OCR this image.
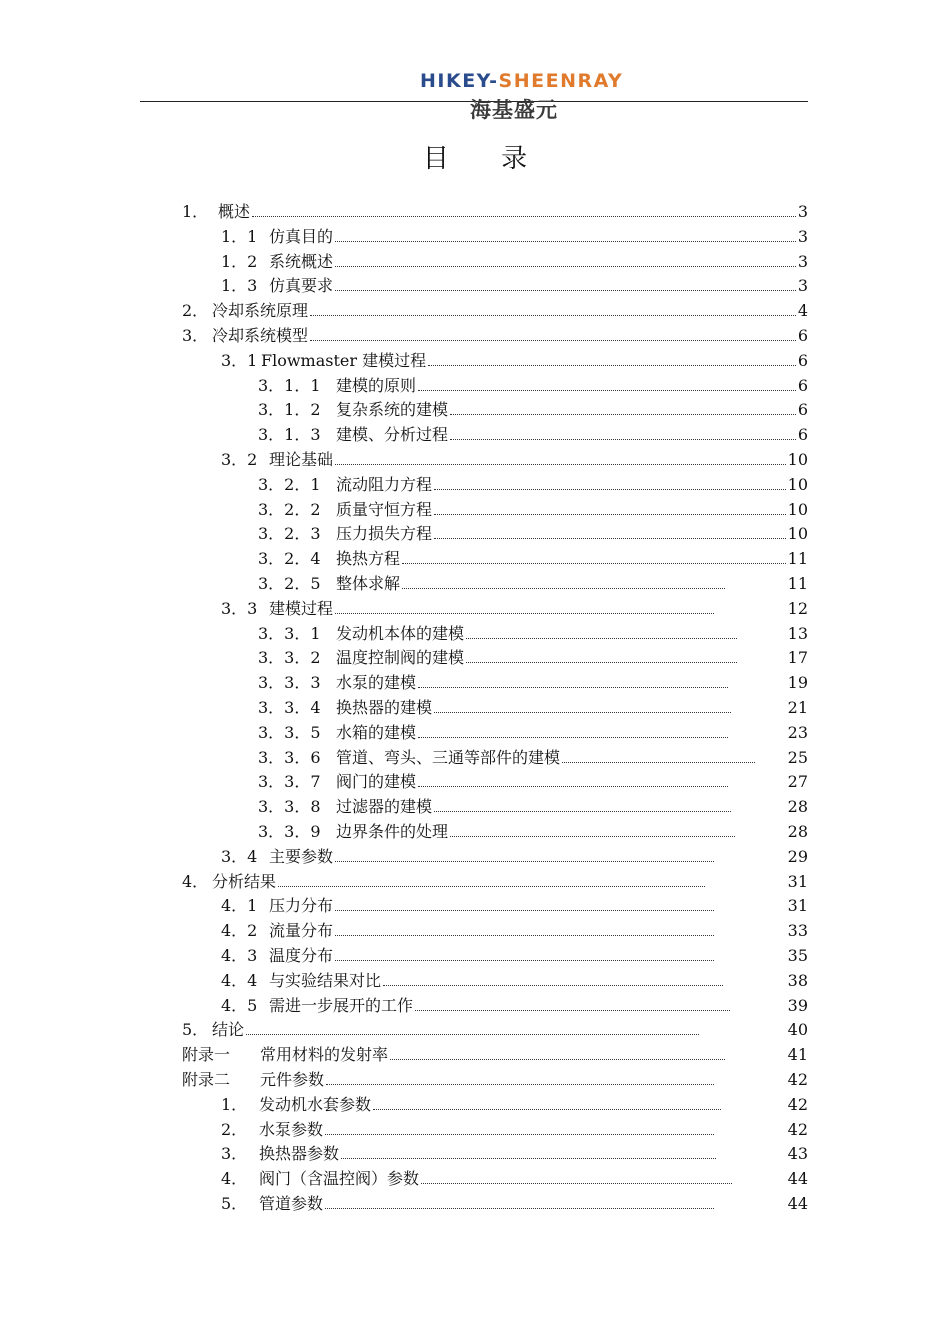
HIKEY-SHEENRAY
海基盛元
目 录
1． 概述	3
1．1 仿真目的	3
1．2 系统概述	3
1．3 仿真要求	3
2． 冷却系统原理	4
3． 冷却系统模型	6
3．1 Flowmaster 建模过程	6
3．1．1 建模的原则	6
3．1．2 复杂系统的建模	6
3．1．3 建模、分析过程	6
3．2 理论基础	10
3．2．1 流动阻力方程	10
3．2．2 质量守恒方程	10
3．2．3 压力损失方程	10
3．2．4 换热方程	11
3．2．5 整体求解	11
3．3 建模过程	12
3．3．1 发动机本体的建模	13
3．3．2 温度控制阀的建模	17
3．3．3 水泵的建模	19
3．3．4 换热器的建模	21
3．3．5 水箱的建模	23
3．3．6 管道、弯头、三通等部件的建模	25
3．3．7 阀门的建模	27
3．3．8 过滤器的建模	28
3．3．9 边界条件的处理	28
3．4 主要参数	29
4． 分析结果	31
4．1 压力分布	31
4．2 流量分布	33
4．3 温度分布	35
4．4 与实验结果对比	38
4．5 需进一步展开的工作	39
5． 结论	40
附录一	常用材料的发射率	41
附录二	元件参数	42
1． 发动机水套参数	42
2． 水泵参数	42
3． 换热器参数	43
4． 阀门（含温控阀）参数	44
5． 管道参数	44
